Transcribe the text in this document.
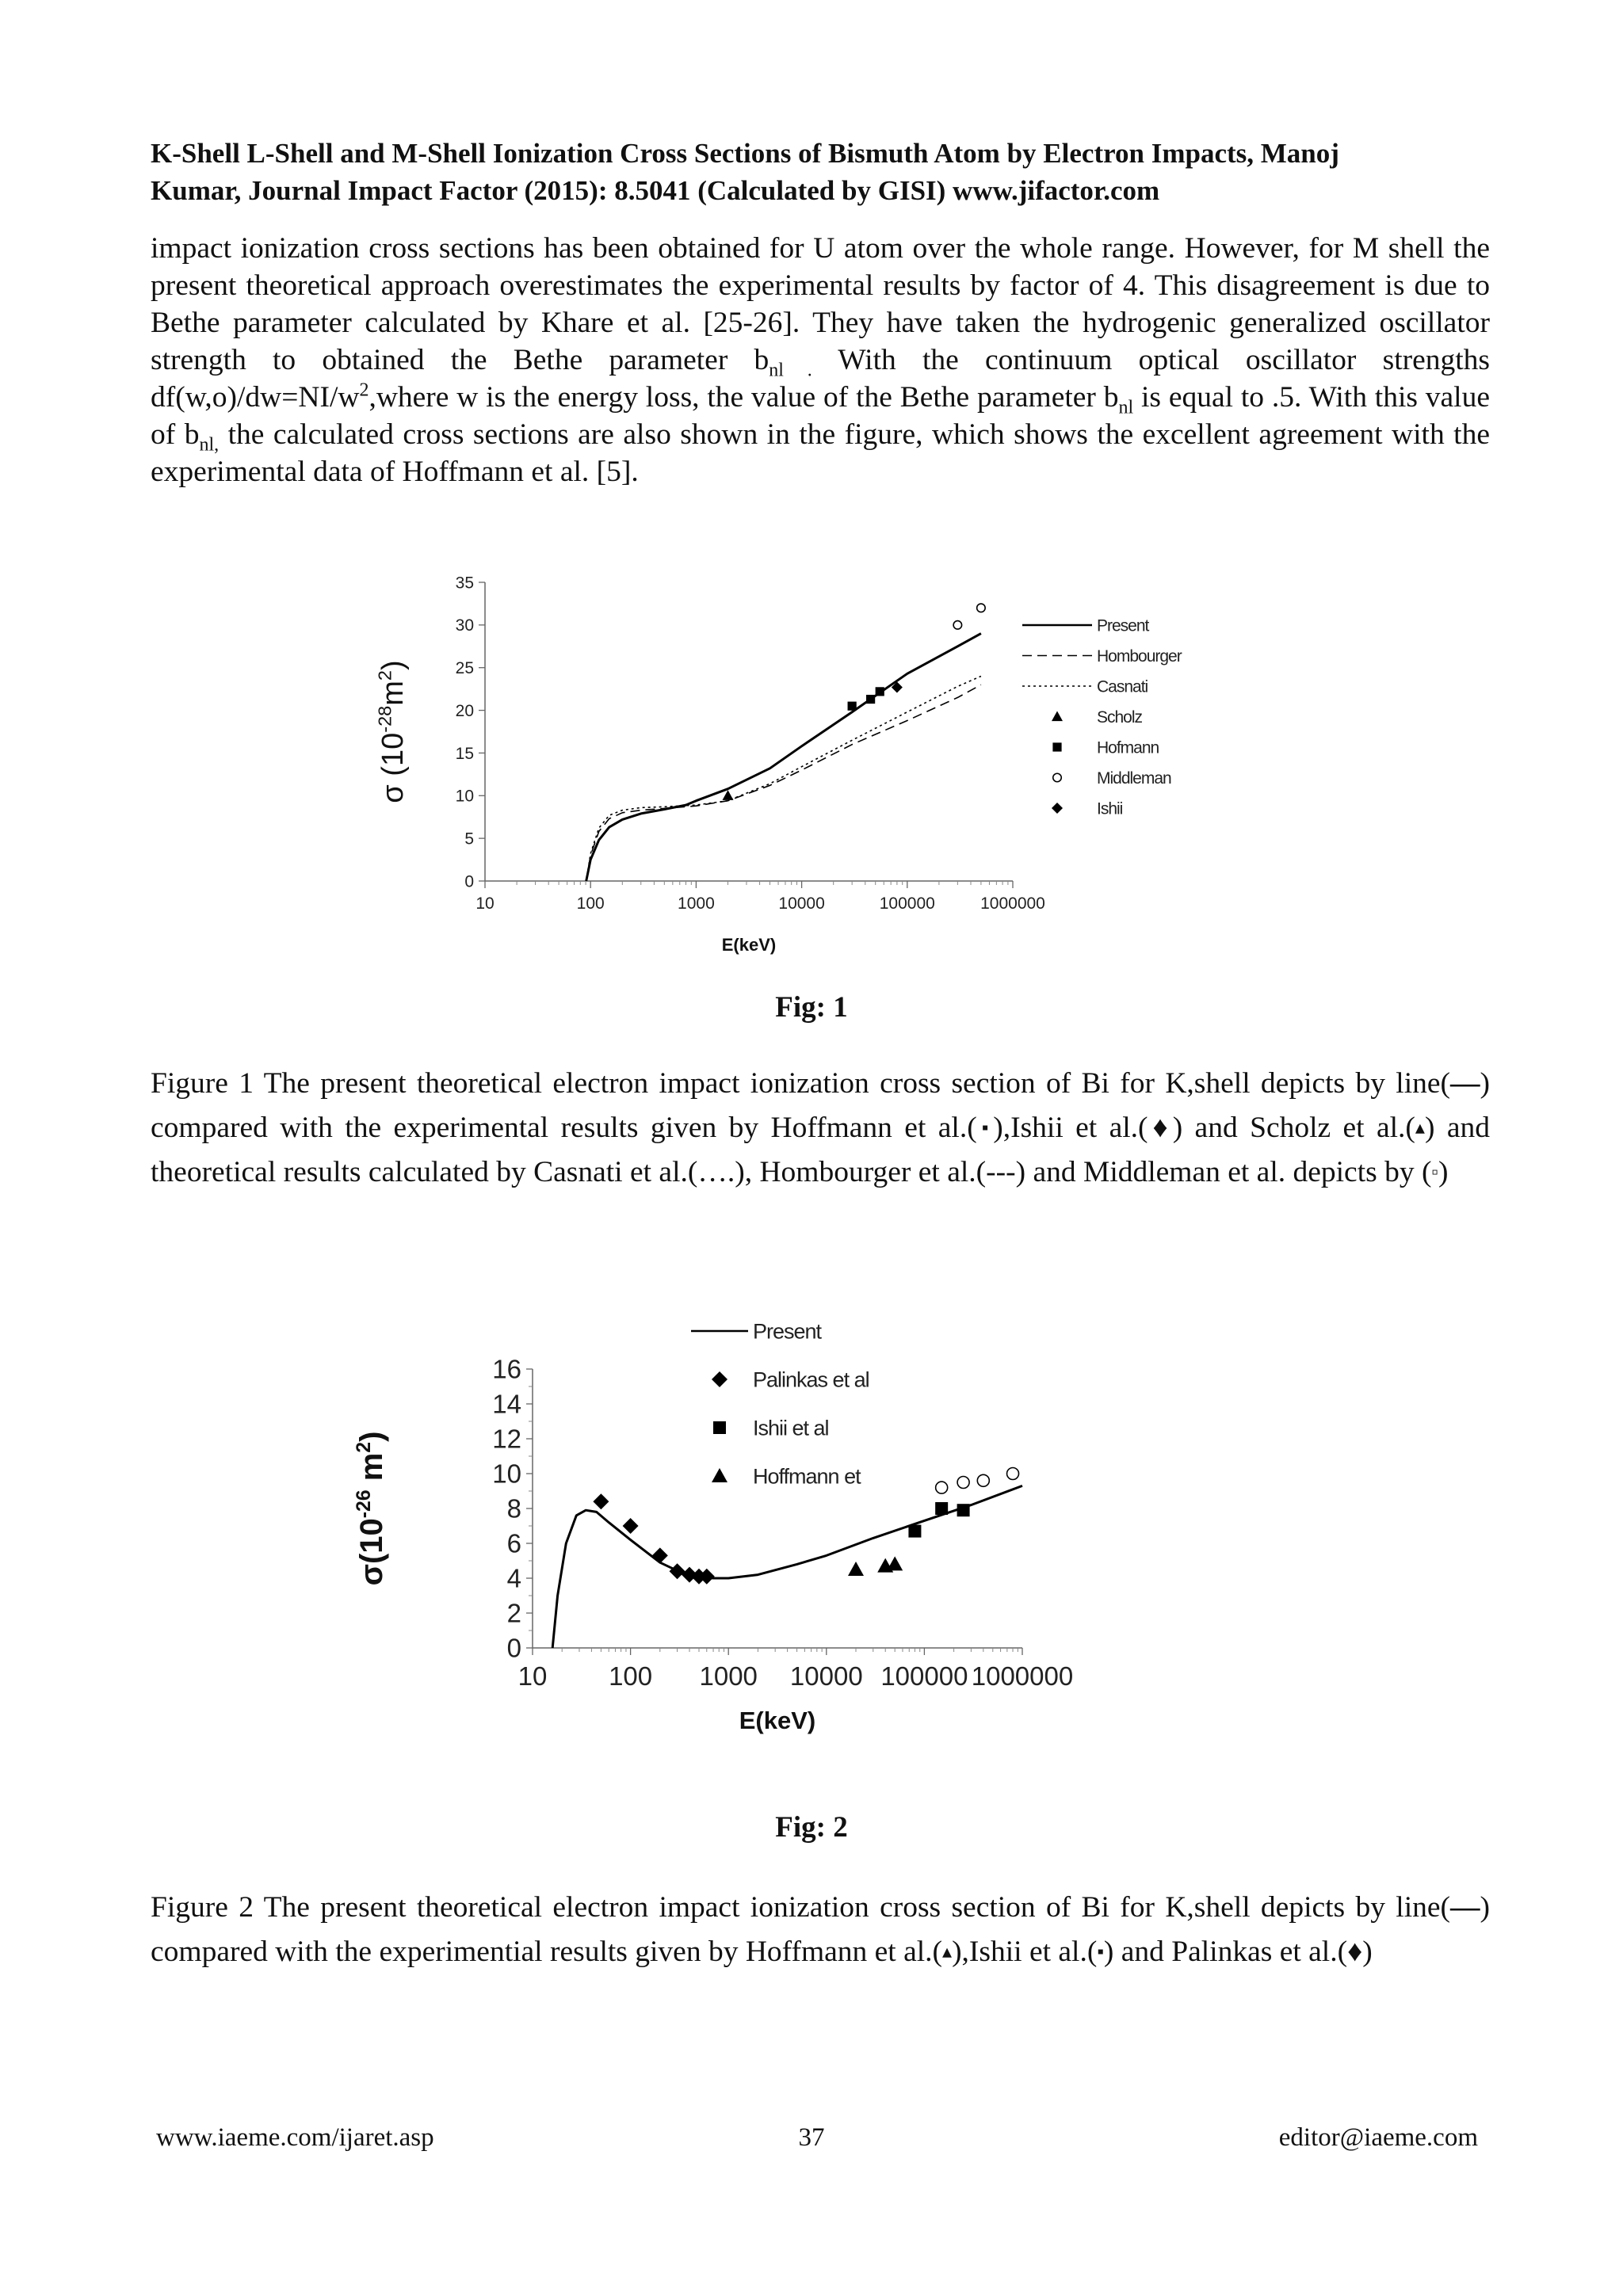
K-Shell L-Shell and M-Shell Ionization Cross Sections of Bismuth Atom by Electron Impacts, Manoj
Kumar, Journal Impact Factor (2015): 8.5041 (Calculated by GISI) www.jifactor.com
impact ionization cross sections has been obtained for U atom over the whole range. However, for M shell the present theoretical approach overestimates the experimental results by factor of 4. This disagreement is due to Bethe parameter calculated by Khare et al. [25-26]. They have taken the hydrogenic generalized oscillator strength to obtained the Bethe parameter $b_{nl .}$ With the continuum optical oscillator strengths $df(w,o)/dw=NI/w^2,where$ w is the energy loss, the value of the Bethe parameter $b_{nl}$ is equal to .5. With this value of $b_{nl,}$ the calculated cross sections are also shown in the figure, which shows the excellent agreement with the experimental data of Hoffmann et al. [5].
0
5
10
15
20
25
30
35
10	100	1000	10000	100000	1000000
E(keV)
σ $(10^{-28}m^2)$
Present
Hombourger
Casnati
Scholz
Hofmann
Middleman
Ishii
Fig: 1
Figure 1 The present theoretical electron impact ionization cross section of Bi for K,shell depicts by line(—) compared with the experimental results given by Hoffmann et al.(▪),Ishii et al.(♦) and Scholz et al.(▴) and theoretical results calculated by Casnati et al.(….), Hombourger et al.(---) and Middleman et al. depicts by (▫)
0
2
4
6
8
10
12
14
16
10 100 1000 10000 100000 1000000
E(keV)
$\sigma(10^{-26}$ $m^2$)
Present
Palinkas et al
Ishii et al
Hoffmann et
Fig: 2
Figure 2 The present theoretical electron impact ionization cross section of Bi for K,shell depicts by line(—) compared with the experimential results given by Hoffmann et al.(▴),Ishii et al.(▪) and Palinkas et al.(♦)
www.iaeme.com/ijaret.asp	37	editor@iaeme.com
